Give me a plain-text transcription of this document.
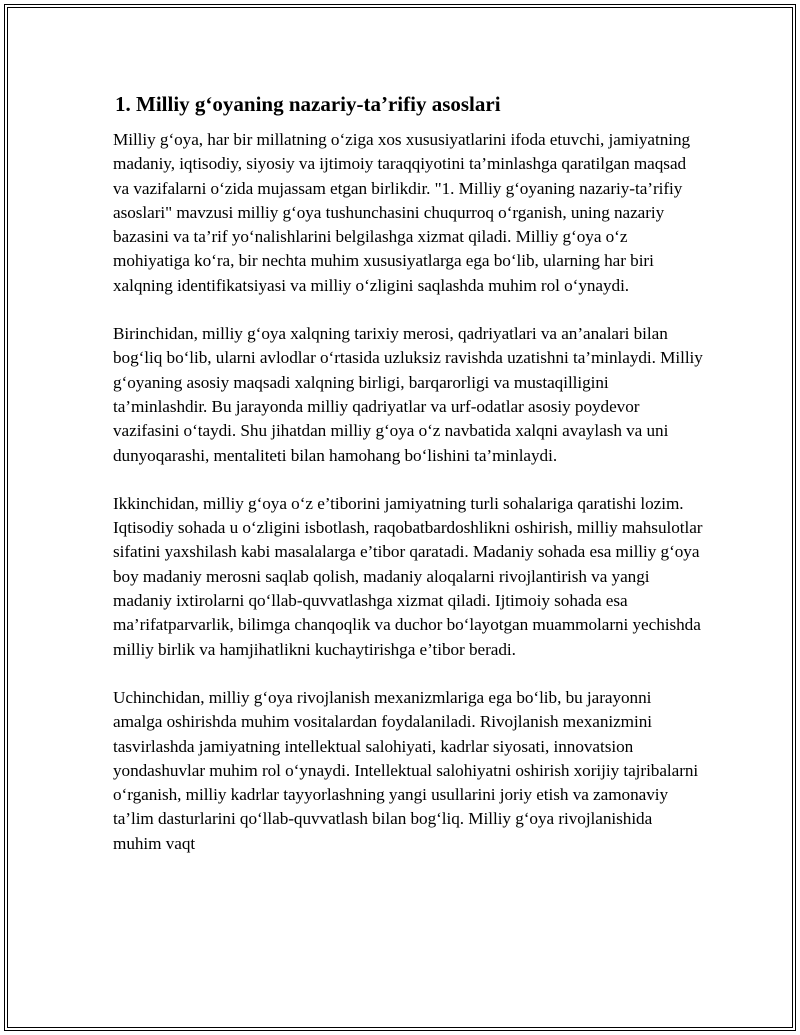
1. Milliy g‘oyaning nazariy-ta’rifiy asoslari

Milliy g‘oya, har bir millatning o‘ziga xos xususiyatlarini ifoda etuvchi, jamiyatning madaniy, iqtisodiy, siyosiy va ijtimoiy taraqqiyotini ta’minlashga qaratilgan maqsad va vazifalarni o‘zida mujassam etgan birlikdir. "1. Milliy g‘oyaning nazariy-ta’rifiy asoslari" mavzusi milliy g‘oya tushunchasini chuqurroq o‘rganish, uning nazariy bazasini va ta’rif yo‘nalishlarini belgilashga xizmat qiladi. Milliy g‘oya o‘z mohiyatiga ko‘ra, bir nechta muhim xususiyatlarga ega bo‘lib, ularning har biri xalqning identifikatsiyasi va milliy o‘zligini saqlashda muhim rol o‘ynaydi.

Birinchidan, milliy g‘oya xalqning tarixiy merosi, qadriyatlari va an’analari bilan bog‘liq bo‘lib, ularni avlodlar o‘rtasida uzluksiz ravishda uzatishni ta’minlaydi. Milliy g‘oyaning asosiy maqsadi xalqning birligi, barqarorligi va mustaqilligini ta’minlashdir. Bu jarayonda milliy qadriyatlar va urf-odatlar asosiy poydevor vazifasini o‘taydi. Shu jihatdan milliy g‘oya o‘z navbatida xalqni avaylash va uni dunyoqarashi, mentaliteti bilan hamohang bo‘lishini ta’minlaydi.

Ikkinchidan, milliy g‘oya o‘z e’tiborini jamiyatning turli sohalariga qaratishi lozim. Iqtisodiy sohada u o‘zligini isbotlash, raqobatbardoshlikni oshirish, milliy mahsulotlar sifatini yaxshilash kabi masalalarga e’tibor qaratadi. Madaniy sohada esa milliy g‘oya boy madaniy merosni saqlab qolish, madaniy aloqalarni rivojlantirish va yangi madaniy ixtirolarni qo‘llab-quvvatlashga xizmat qiladi. Ijtimoiy sohada esa ma’rifatparvarlik, bilimga chanqoqlik va duchor bo‘layotgan muammolarni yechishda milliy birlik va hamjihatlikni kuchaytirishga e’tibor beradi.

Uchinchidan, milliy g‘oya rivojlanish mexanizmlariga ega bo‘lib, bu jarayonni amalga oshirishda muhim vositalardan foydalaniladi. Rivojlanish mexanizmini tasvirlashda jamiyatning intellektual salohiyati, kadrlar siyosati, innovatsion yondashuvlar muhim rol o‘ynaydi. Intellektual salohiyatni oshirish xorijiy tajribalarni o‘rganish, milliy kadrlar tayyorlashning yangi usullarini joriy etish va zamonaviy ta’lim dasturlarini qo‘llab-quvvatlash bilan bog‘liq. Milliy g‘oya rivojlanishida muhim vaqt
